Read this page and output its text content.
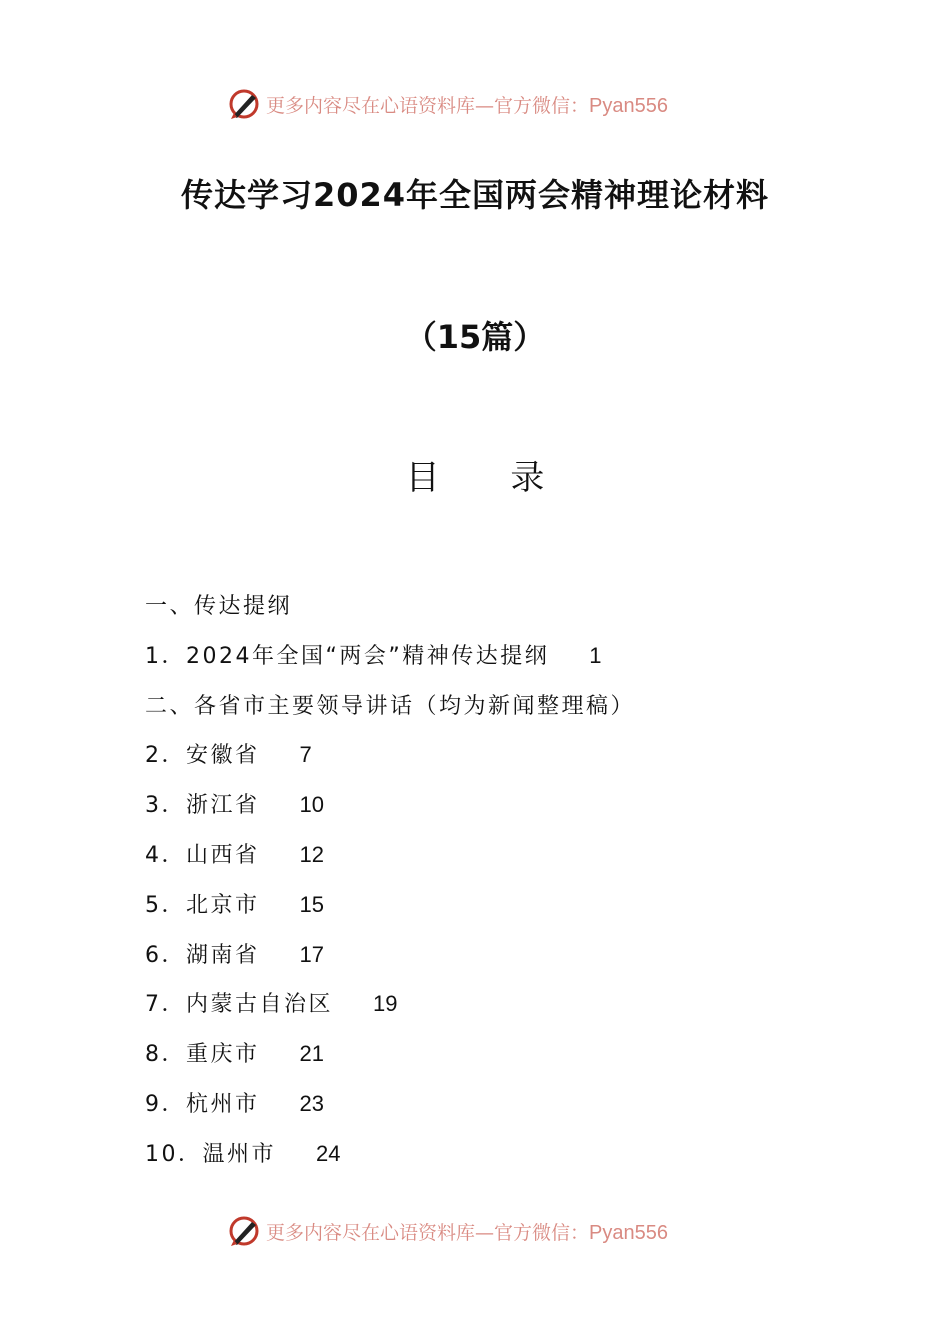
更多内容尽在心语资料库—官方微信：Pyan556
传达学习2024年全国两会精神理论材料
（15篇）
目 录
一、传达提纲
1．2024年全国“两会”精神传达提纲 1
二、各省市主要领导讲话（均为新闻整理稿）
2．安徽省 7
3．浙江省 10
4．山西省 12
5．北京市 15
6．湖南省 17
7．内蒙古自治区 19
8．重庆市 21
9．杭州市 23
10．温州市 24
更多内容尽在心语资料库—官方微信：Pyan556
